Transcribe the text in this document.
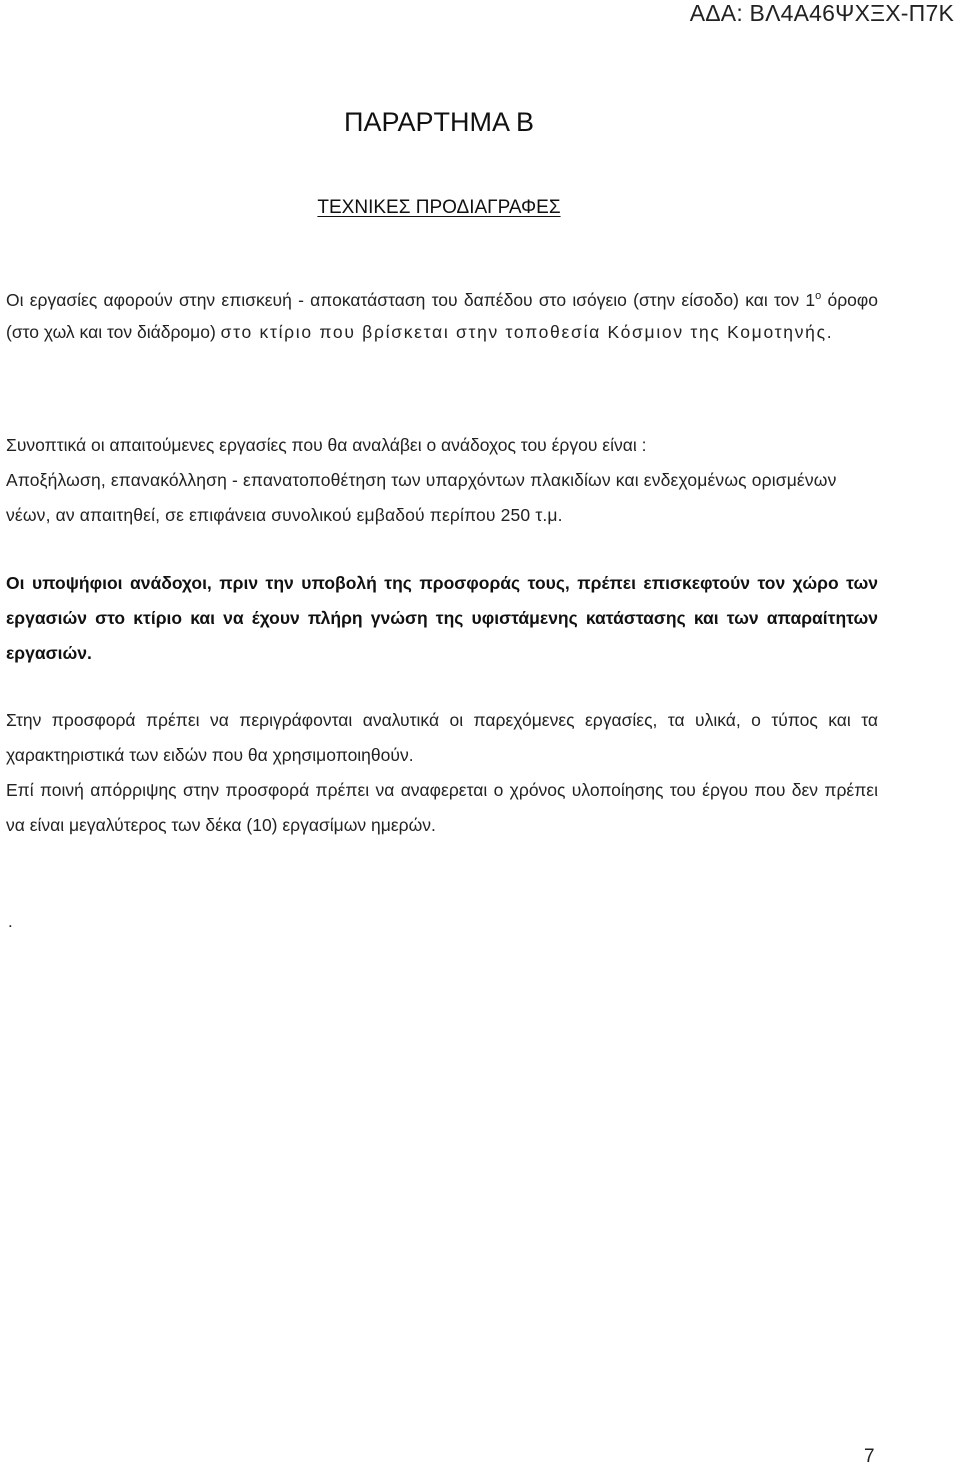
ΑΔΑ: ΒΛ4Α46ΨΧΞΧ-Π7Κ
ΠΑΡΑΡΤΗΜΑ Β
ΤΕΧΝΙΚΕΣ ΠΡΟΔΙΑΓΡΑΦΕΣ
Οι εργασίες αφορούν στην επισκευή - αποκατάσταση του δαπέδου στο ισόγειο (στην είσοδο) και τον $1^o$ όροφο (στο χωλ και τον διάδρομο) στο κτίριο που βρίσκεται στην τοποθεσία Κόσμιον της Κομοτηνής.
Συνοπτικά οι απαιτούμενες εργασίες που θα αναλάβει ο ανάδοχος του έργου είναι :
Αποξήλωση, επανακόλληση - επανατοποθέτηση των υπαρχόντων πλακιδίων και ενδεχομένως ορισμένων νέων, αν απαιτηθεί, σε επιφάνεια συνολικού εμβαδού περίπου 250 τ.μ.
Οι υποψήφιοι ανάδοχοι, πριν την υποβολή της προσφοράς τους, πρέπει επισκεφτούν τον χώρο των εργασιών στο κτίριο και να έχουν πλήρη γνώση της υφιστάμενης κατάστασης και των απαραίτητων εργασιών.
Στην προσφορά πρέπει να περιγράφονται αναλυτικά οι παρεχόμενες εργασίες, τα υλικά, ο τύπος και τα χαρακτηριστικά των ειδών που θα χρησιμοποιηθούν.
Επί ποινή απόρριψης στην προσφορά πρέπει να αναφερεται ο χρόνος υλοποίησης του έργου που δεν πρέπει να είναι μεγαλύτερος των δέκα (10) εργασίμων ημερών.
.
7
